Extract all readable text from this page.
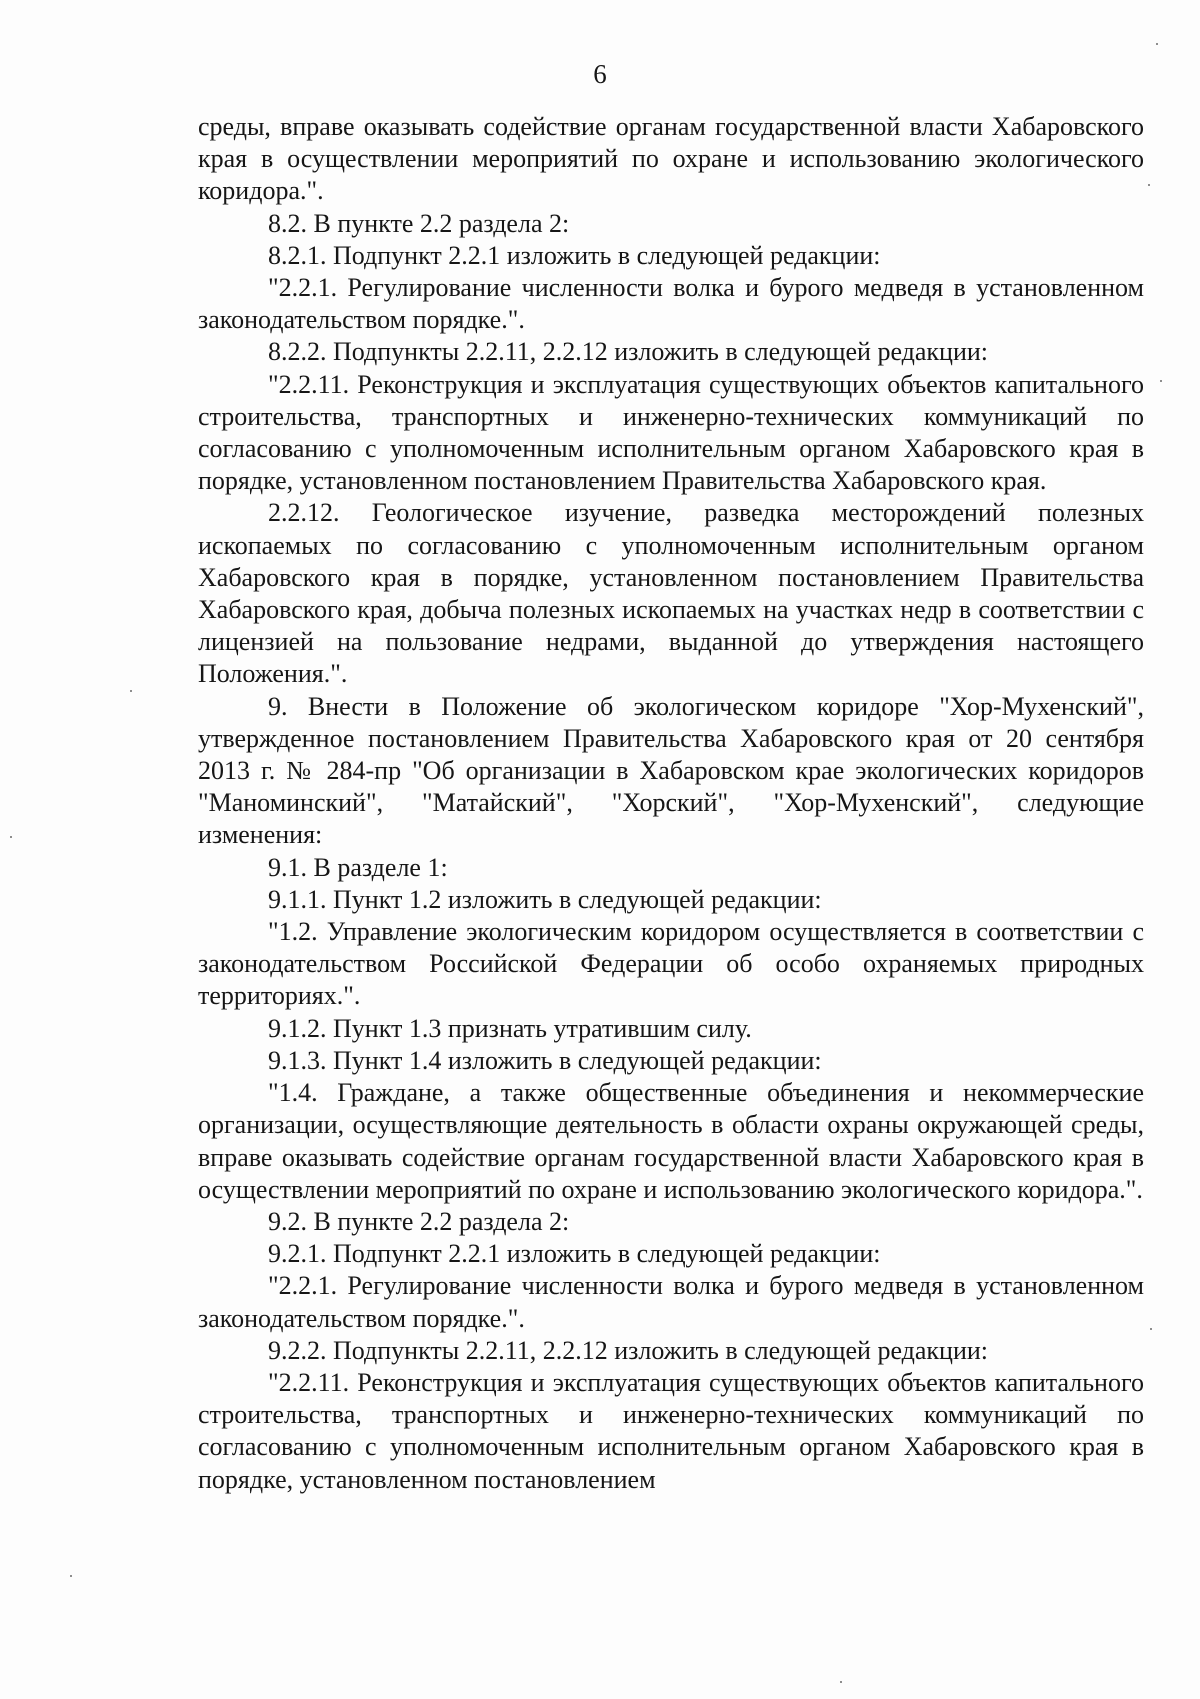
6

среды, вправе оказывать содействие органам государственной власти Хабаровского края в осуществлении мероприятий по охране и использованию экологического коридора.".

8.2. В пункте 2.2 раздела 2:

8.2.1. Подпункт 2.2.1 изложить в следующей редакции:

"2.2.1. Регулирование численности волка и бурого медведя в установленном законодательством порядке.".

8.2.2. Подпункты 2.2.11, 2.2.12 изложить в следующей редакции:

"2.2.11. Реконструкция и эксплуатация существующих объектов капитального строительства, транспортных и инженерно-технических коммуникаций по согласованию с уполномоченным исполнительным органом Хабаровского края в порядке, установленном постановлением Правительства Хабаровского края.

2.2.12. Геологическое изучение, разведка месторождений полезных ископаемых по согласованию с уполномоченным исполнительным органом Хабаровского края в порядке, установленном постановлением Правительства Хабаровского края, добыча полезных ископаемых на участках недр в соответствии с лицензией на пользование недрами, выданной до утверждения настоящего Положения.".

9. Внести в Положение об экологическом коридоре "Хор-Мухенский", утвержденное постановлением Правительства Хабаровского края от 20 сентября 2013 г. № 284-пр "Об организации в Хабаровском крае экологических коридоров "Маноминский", "Матайский", "Хорский", "Хор-Мухенский", следующие изменения:

9.1. В разделе 1:

9.1.1. Пункт 1.2 изложить в следующей редакции:

"1.2. Управление экологическим коридором осуществляется в соответствии с законодательством Российской Федерации об особо охраняемых природных территориях.".

9.1.2. Пункт 1.3 признать утратившим силу.

9.1.3. Пункт 1.4 изложить в следующей редакции:

"1.4. Граждане, а также общественные объединения и некоммерческие организации, осуществляющие деятельность в области охраны окружающей среды, вправе оказывать содействие органам государственной власти Хабаровского края в осуществлении мероприятий по охране и использованию экологического коридора.".

9.2. В пункте 2.2 раздела 2:

9.2.1. Подпункт 2.2.1 изложить в следующей редакции:

"2.2.1. Регулирование численности волка и бурого медведя в установленном законодательством порядке.".

9.2.2. Подпункты 2.2.11, 2.2.12 изложить в следующей редакции:

"2.2.11. Реконструкция и эксплуатация существующих объектов капитального строительства, транспортных и инженерно-технических коммуникаций по согласованию с уполномоченным исполнительным органом Хабаровского края в порядке, установленном постановлением
